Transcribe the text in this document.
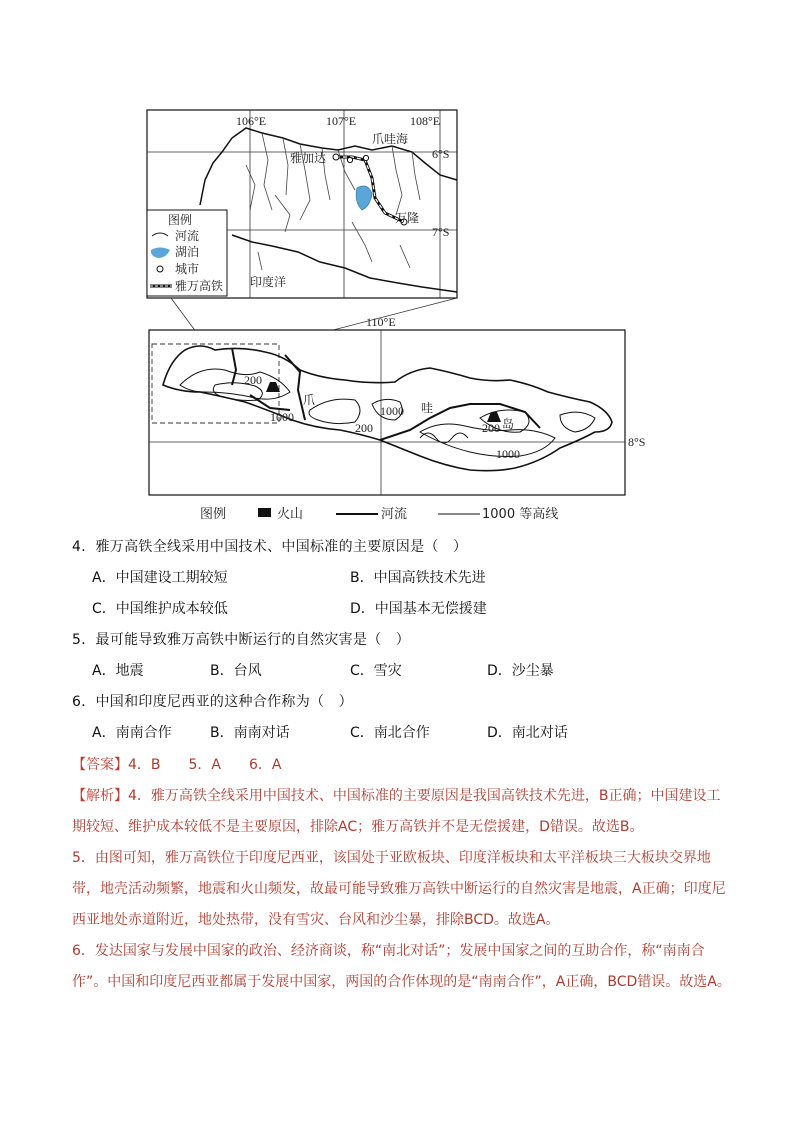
106°E	107°E	108°E
6°S
7°S
爪哇海
雅加达
万隆
印度洋
图例
河流
湖泊
城市
雅万高铁
110°E
8°S
200
1000	1000
200	200
1000
爪
哇
岛
图例	火山	河流	1000 等高线
4．雅万高铁全线采用中国技术、中国标准的主要原因是（　）
A．中国建设工期较短	B．中国高铁技术先进
C．中国维护成本较低	D．中国基本无偿援建
5．最可能导致雅万高铁中断运行的自然灾害是（　）
A．地震	B．台风	C．雪灾	D．沙尘暴
6．中国和印度尼西亚的这种合作称为（　）
A．南南合作	B．南南对话	C．南北合作	D．南北对话

【答案】4．B　　5．A　　6．A

【解析】4．雅万高铁全线采用中国技术、中国标准的主要原因是我国高铁技术先进，B正确；中国建设工期较短、维护成本较低不是主要原因，排除AC；雅万高铁并不是无偿援建，D错误。故选B。

5．由图可知，雅万高铁位于印度尼西亚，该国处于亚欧板块、印度洋板块和太平洋板块三大板块交界地带，地壳活动频繁，地震和火山频发，故最可能导致雅万高铁中断运行的自然灾害是地震，A正确；印度尼西亚地处赤道附近，地处热带，没有雪灾、台风和沙尘暴，排除BCD。故选A。

6．发达国家与发展中国家的政治、经济商谈，称“南北对话”；发展中国家之间的互助合作，称“南南合作”。中国和印度尼西亚都属于发展中国家，两国的合作体现的是“南南合作”，A正确，BCD错误。故选A。
